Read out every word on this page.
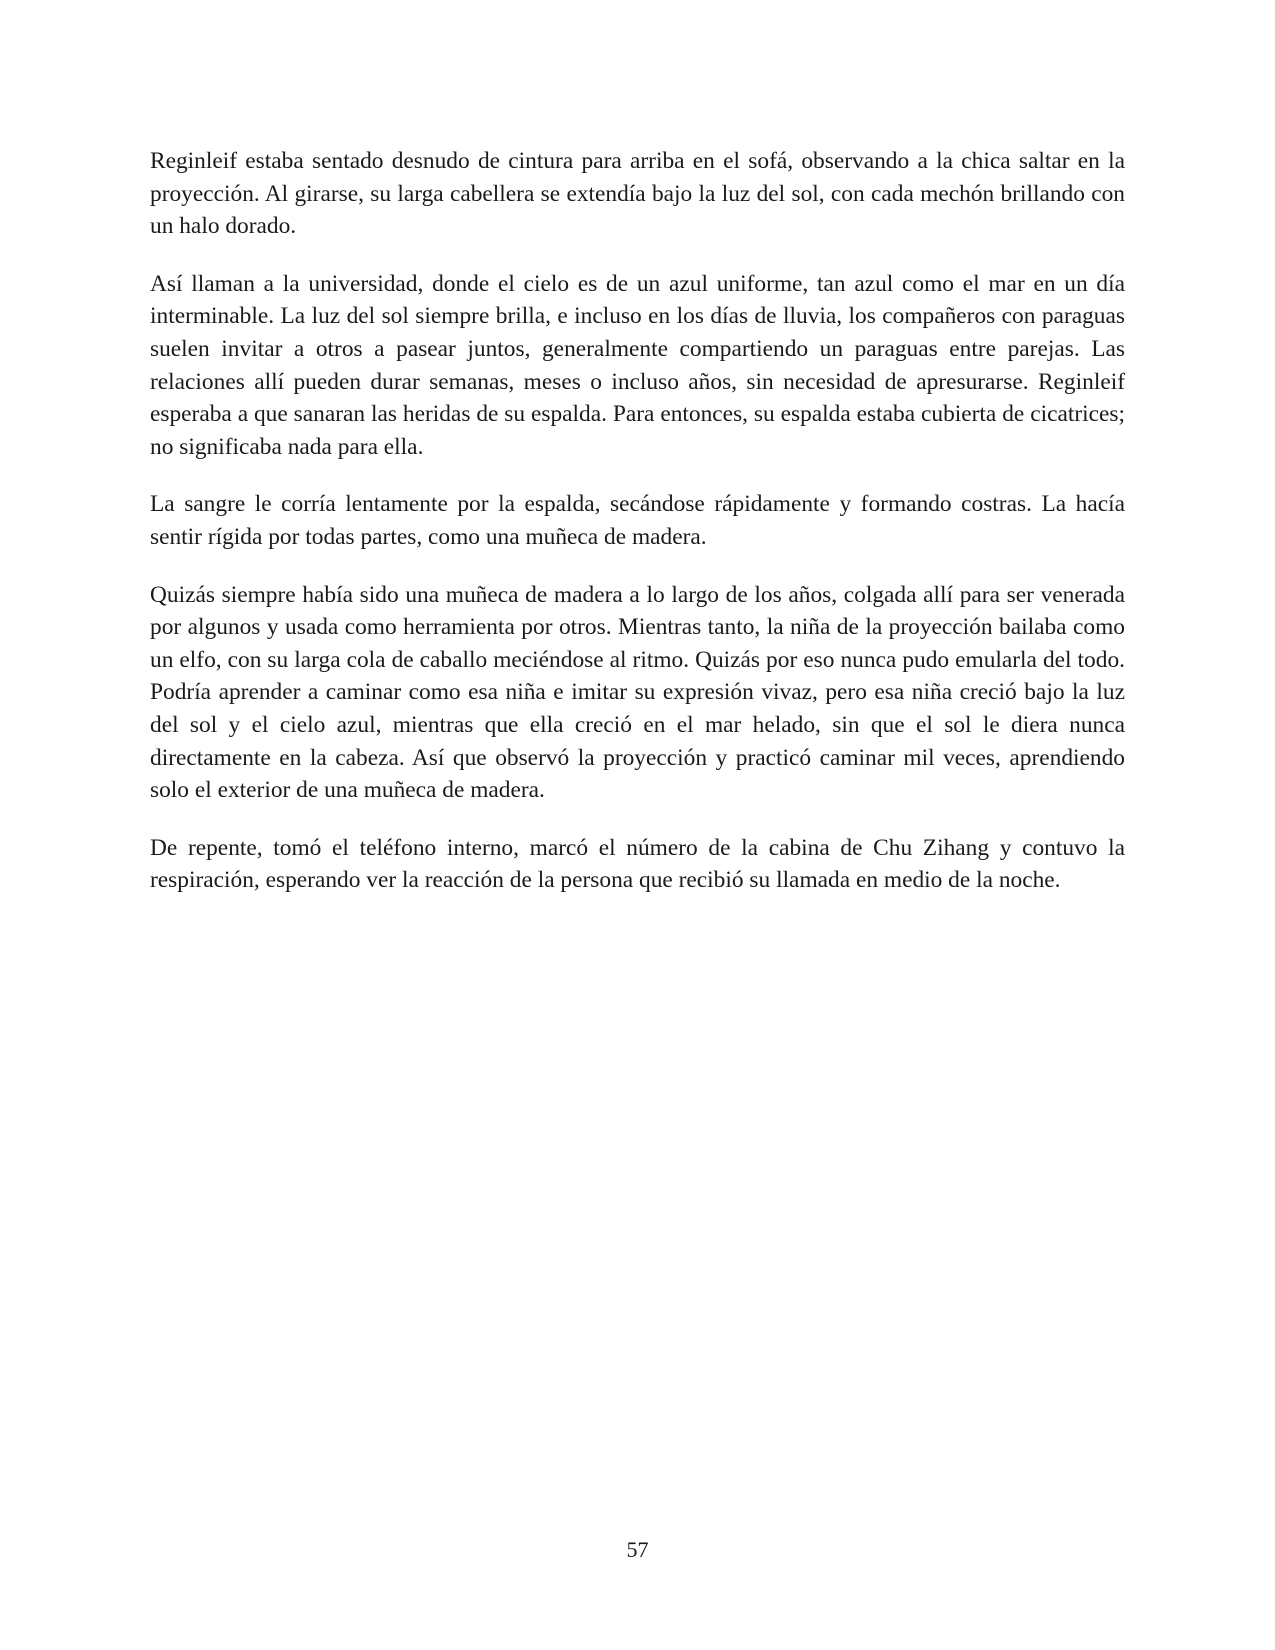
Reginleif estaba sentado desnudo de cintura para arriba en el sofá, observando a la chica saltar en la proyección. Al girarse, su larga cabellera se extendía bajo la luz del sol, con cada mechón brillando con un halo dorado.

Así llaman a la universidad, donde el cielo es de un azul uniforme, tan azul como el mar en un día interminable. La luz del sol siempre brilla, e incluso en los días de lluvia, los compañeros con paraguas suelen invitar a otros a pasear juntos, generalmente compartiendo un paraguas entre parejas. Las relaciones allí pueden durar semanas, meses o incluso años, sin necesidad de apresurarse. Reginleif esperaba a que sanaran las heridas de su espalda. Para entonces, su espalda estaba cubierta de cicatrices; no significaba nada para ella.

La sangre le corría lentamente por la espalda, secándose rápidamente y formando costras. La hacía sentir rígida por todas partes, como una muñeca de madera.

Quizás siempre había sido una muñeca de madera a lo largo de los años, colgada allí para ser venerada por algunos y usada como herramienta por otros. Mientras tanto, la niña de la proyección bailaba como un elfo, con su larga cola de caballo meciéndose al ritmo. Quizás por eso nunca pudo emularla del todo. Podría aprender a caminar como esa niña e imitar su expresión vivaz, pero esa niña creció bajo la luz del sol y el cielo azul, mientras que ella creció en el mar helado, sin que el sol le diera nunca directamente en la cabeza. Así que observó la proyección y practicó caminar mil veces, aprendiendo solo el exterior de una muñeca de madera.

De repente, tomó el teléfono interno, marcó el número de la cabina de Chu Zihang y contuvo la respiración, esperando ver la reacción de la persona que recibió su llamada en medio de la noche.

57
